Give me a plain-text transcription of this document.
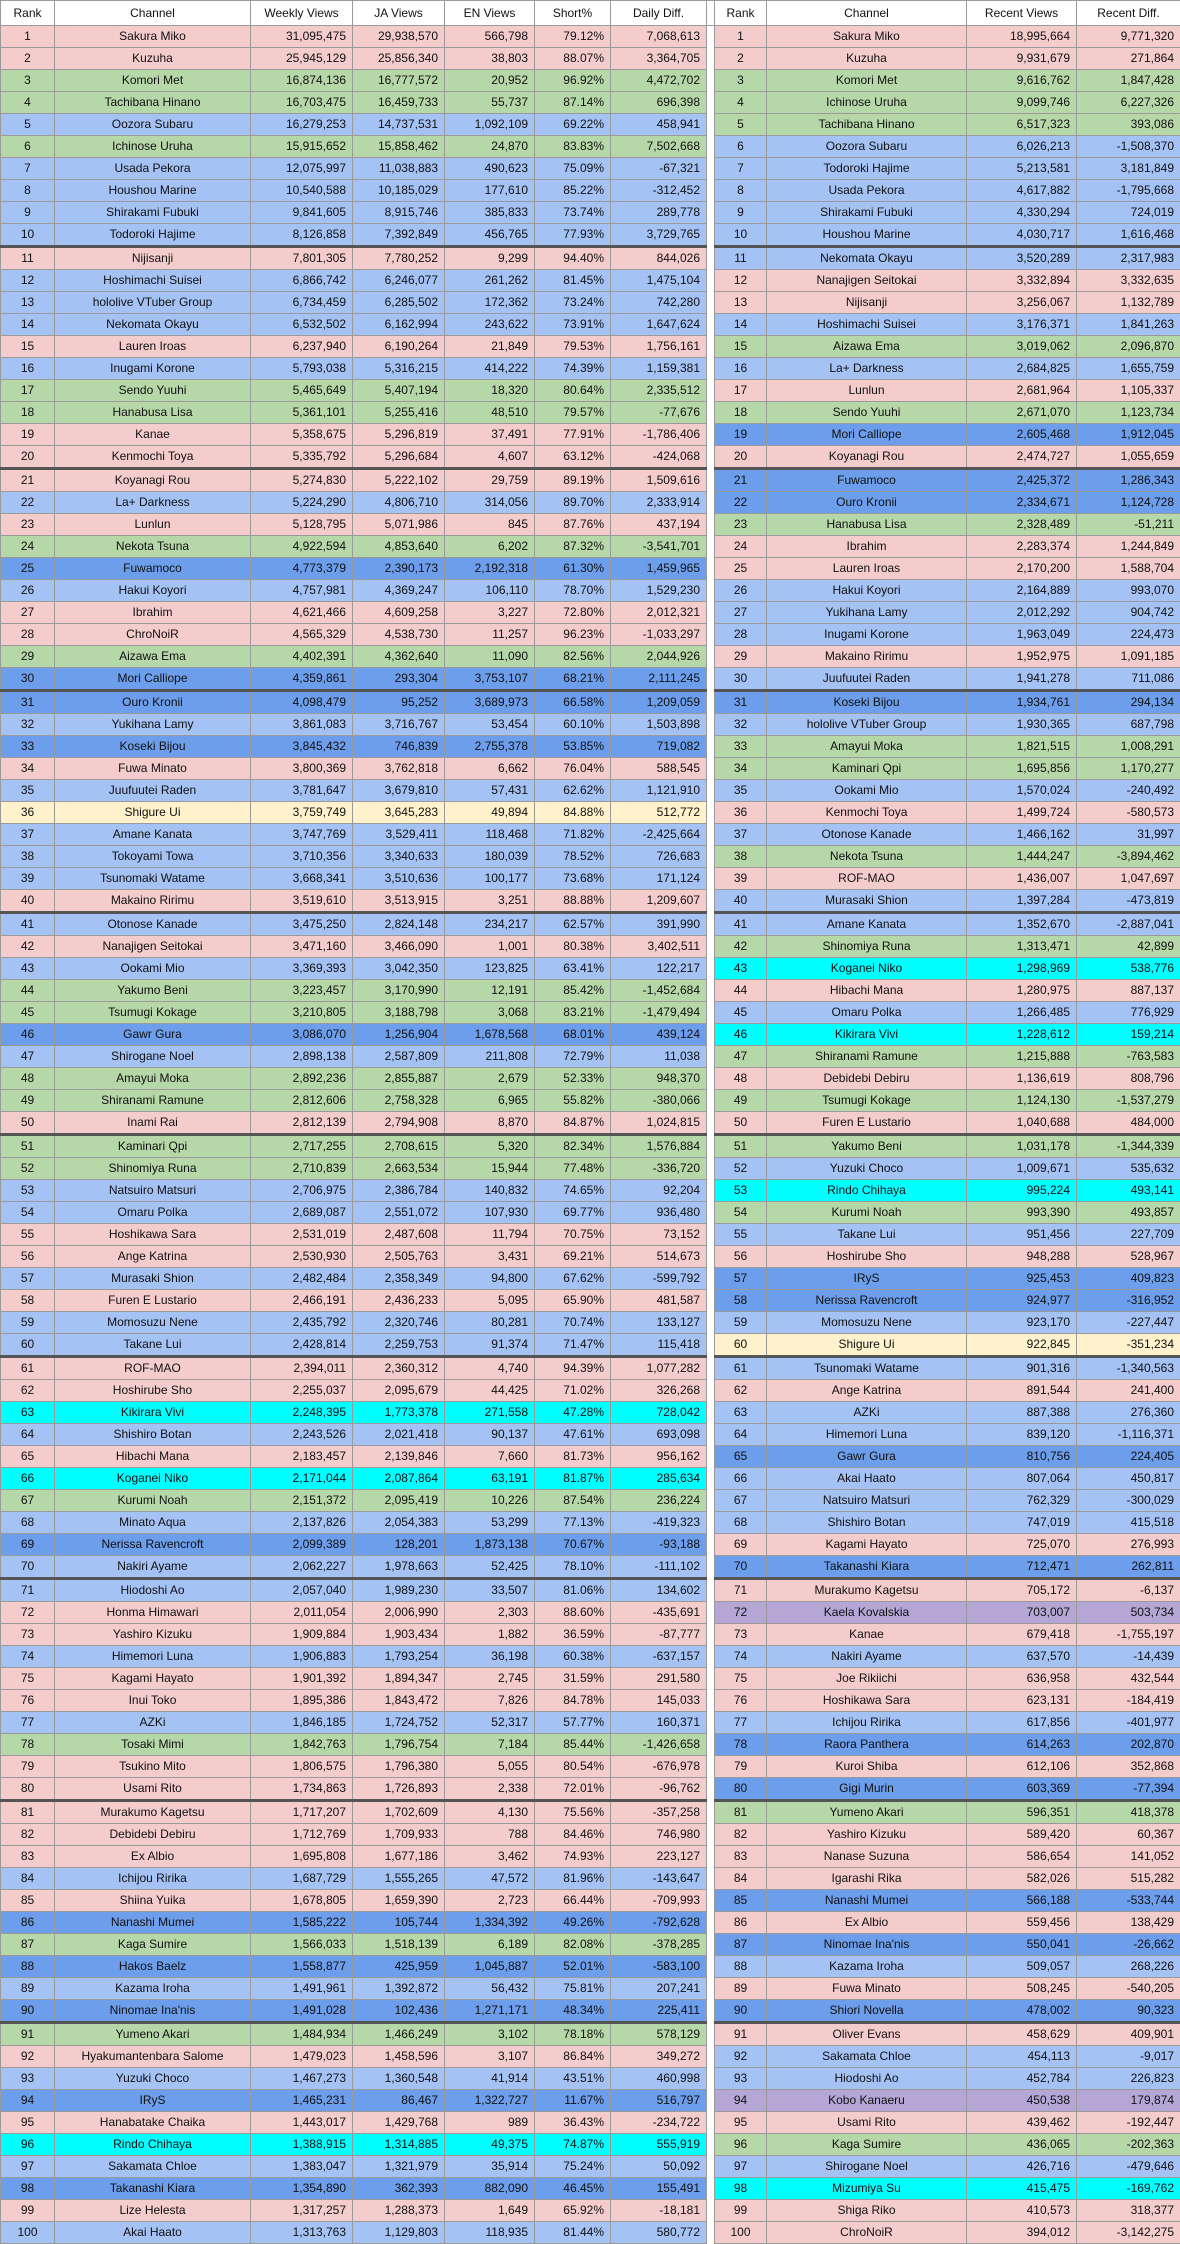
Rank	Channel	Weekly Views	JA Views	EN Views	Short%	Daily Diff.	
1	Sakura Miko	31,095,475	29,938,570	566,798	79.12%	7,068,613	
2	Kuzuha	25,945,129	25,856,340	38,803	88.07%	3,364,705	
3	Komori Met	16,874,136	16,777,572	20,952	96.92%	4,472,702	
4	Tachibana Hinano	16,703,475	16,459,733	55,737	87.14%	696,398	
5	Oozora Subaru	16,279,253	14,737,531	1,092,109	69.22%	458,941	
6	Ichinose Uruha	15,915,652	15,858,462	24,870	83.83%	7,502,668	
7	Usada Pekora	12,075,997	11,038,883	490,623	75.09%	-67,321	
8	Houshou Marine	10,540,588	10,185,029	177,610	85.22%	-312,452	
9	Shirakami Fubuki	9,841,605	8,915,746	385,833	73.74%	289,778	
10	Todoroki Hajime	8,126,858	7,392,849	456,765	77.93%	3,729,765	
11	Nijisanji	7,801,305	7,780,252	9,299	94.40%	844,026	
12	Hoshimachi Suisei	6,866,742	6,246,077	261,262	81.45%	1,475,104	
13	hololive VTuber Group	6,734,459	6,285,502	172,362	73.24%	742,280	
14	Nekomata Okayu	6,532,502	6,162,994	243,622	73.91%	1,647,624	
15	Lauren Iroas	6,237,940	6,190,264	21,849	79.53%	1,756,161	
16	Inugami Korone	5,793,038	5,316,215	414,222	74.39%	1,159,381	
17	Sendo Yuuhi	5,465,649	5,407,194	18,320	80.64%	2,335,512	
18	Hanabusa Lisa	5,361,101	5,255,416	48,510	79.57%	-77,676	
19	Kanae	5,358,675	5,296,819	37,491	77.91%	-1,786,406	
20	Kenmochi Toya	5,335,792	5,296,684	4,607	63.12%	-424,068	
21	Koyanagi Rou	5,274,830	5,222,102	29,759	89.19%	1,509,616	
22	La+ Darkness	5,224,290	4,806,710	314,056	89.70%	2,333,914	
23	Lunlun	5,128,795	5,071,986	845	87.76%	437,194	
24	Nekota Tsuna	4,922,594	4,853,640	6,202	87.32%	-3,541,701	
25	Fuwamoco	4,773,379	2,390,173	2,192,318	61.30%	1,459,965	
26	Hakui Koyori	4,757,981	4,369,247	106,110	78.70%	1,529,230	
27	Ibrahim	4,621,466	4,609,258	3,227	72.80%	2,012,321	
28	ChroNoiR	4,565,329	4,538,730	11,257	96.23%	-1,033,297	
29	Aizawa Ema	4,402,391	4,362,640	11,090	82.56%	2,044,926	
30	Mori Calliope	4,359,861	293,304	3,753,107	68.21%	2,111,245	
31	Ouro Kronii	4,098,479	95,252	3,689,973	66.58%	1,209,059	
32	Yukihana Lamy	3,861,083	3,716,767	53,454	60.10%	1,503,898	
33	Koseki Bijou	3,845,432	746,839	2,755,378	53.85%	719,082	
34	Fuwa Minato	3,800,369	3,762,818	6,662	76.04%	588,545	
35	Juufuutei Raden	3,781,647	3,679,810	57,431	62.62%	1,121,910	
36	Shigure Ui	3,759,749	3,645,283	49,894	84.88%	512,772	
37	Amane Kanata	3,747,769	3,529,411	118,468	71.82%	-2,425,664	
38	Tokoyami Towa	3,710,356	3,340,633	180,039	78.52%	726,683	
39	Tsunomaki Watame	3,668,341	3,510,636	100,177	73.68%	171,124	
40	Makaino Ririmu	3,519,610	3,513,915	3,251	88.88%	1,209,607	
41	Otonose Kanade	3,475,250	2,824,148	234,217	62.57%	391,990	
42	Nanajigen Seitokai	3,471,160	3,466,090	1,001	80.38%	3,402,511	
43	Ookami Mio	3,369,393	3,042,350	123,825	63.41%	122,217	
44	Yakumo Beni	3,223,457	3,170,990	12,191	85.42%	-1,452,684	
45	Tsumugi Kokage	3,210,805	3,188,798	3,068	83.21%	-1,479,494	
46	Gawr Gura	3,086,070	1,256,904	1,678,568	68.01%	439,124	
47	Shirogane Noel	2,898,138	2,587,809	211,808	72.79%	11,038	
48	Amayui Moka	2,892,236	2,855,887	2,679	52.33%	948,370	
49	Shiranami Ramune	2,812,606	2,758,328	6,965	55.82%	-380,066	
50	Inami Rai	2,812,139	2,794,908	8,870	84.87%	1,024,815	
51	Kaminari Qpi	2,717,255	2,708,615	5,320	82.34%	1,576,884	
52	Shinomiya Runa	2,710,839	2,663,534	15,944	77.48%	-336,720	
53	Natsuiro Matsuri	2,706,975	2,386,784	140,832	74.65%	92,204	
54	Omaru Polka	2,689,087	2,551,072	107,930	69.77%	936,480	
55	Hoshikawa Sara	2,531,019	2,487,608	11,794	70.75%	73,152	
56	Ange Katrina	2,530,930	2,505,763	3,431	69.21%	514,673	
57	Murasaki Shion	2,482,484	2,358,349	94,800	67.62%	-599,792	
58	Furen E Lustario	2,466,191	2,436,233	5,095	65.90%	481,587	
59	Momosuzu Nene	2,435,792	2,320,746	80,281	70.74%	133,127	
60	Takane Lui	2,428,814	2,259,753	91,374	71.47%	115,418	
61	ROF-MAO	2,394,011	2,360,312	4,740	94.39%	1,077,282	
62	Hoshirube Sho	2,255,037	2,095,679	44,425	71.02%	326,268	
63	Kikirara Vivi	2,248,395	1,773,378	271,558	47.28%	728,042	
64	Shishiro Botan	2,243,526	2,021,418	90,137	47.61%	693,098	
65	Hibachi Mana	2,183,457	2,139,846	7,660	81.73%	956,162	
66	Koganei Niko	2,171,044	2,087,864	63,191	81.87%	285,634	
67	Kurumi Noah	2,151,372	2,095,419	10,226	87.54%	236,224	
68	Minato Aqua	2,137,826	2,054,383	53,299	77.13%	-419,323	
69	Nerissa Ravencroft	2,099,389	128,201	1,873,138	70.67%	-93,188	
70	Nakiri Ayame	2,062,227	1,978,663	52,425	78.10%	-111,102	
71	Hiodoshi Ao	2,057,040	1,989,230	33,507	81.06%	134,602	
72	Honma Himawari	2,011,054	2,006,990	2,303	88.60%	-435,691	
73	Yashiro Kizuku	1,909,884	1,903,434	1,882	36.59%	-87,777	
74	Himemori Luna	1,906,883	1,793,254	36,198	60.38%	-637,157	
75	Kagami Hayato	1,901,392	1,894,347	2,745	31.59%	291,580	
76	Inui Toko	1,895,386	1,843,472	7,826	84.78%	145,033	
77	AZKi	1,846,185	1,724,752	52,317	57.77%	160,371	
78	Tosaki Mimi	1,842,763	1,796,754	7,184	85.44%	-1,426,658	
79	Tsukino Mito	1,806,575	1,796,380	5,055	80.54%	-676,978	
80	Usami Rito	1,734,863	1,726,893	2,338	72.01%	-96,762	
81	Murakumo Kagetsu	1,717,207	1,702,609	4,130	75.56%	-357,258	
82	Debidebi Debiru	1,712,769	1,709,933	788	84.46%	746,980	
83	Ex Albio	1,695,808	1,677,186	3,462	74.93%	223,127	
84	Ichijou Ririka	1,687,729	1,555,265	47,572	81.96%	-143,647	
85	Shiina Yuika	1,678,805	1,659,390	2,723	66.44%	-709,993	
86	Nanashi Mumei	1,585,222	105,744	1,334,392	49.26%	-792,628	
87	Kaga Sumire	1,566,033	1,518,139	6,189	82.08%	-378,285	
88	Hakos Baelz	1,558,877	425,959	1,045,887	52.01%	-583,100	
89	Kazama Iroha	1,491,961	1,392,872	56,432	75.81%	207,241	
90	Ninomae Ina'nis	1,491,028	102,436	1,271,171	48.34%	225,411	
91	Yumeno Akari	1,484,934	1,466,249	3,102	78.18%	578,129	
92	Hyakumantenbara Salome	1,479,023	1,458,596	3,107	86.84%	349,272	
93	Yuzuki Choco	1,467,273	1,360,548	41,914	43.51%	460,998	
94	IRyS	1,465,231	86,467	1,322,727	11.67%	516,797	
95	Hanabatake Chaika	1,443,017	1,429,768	989	36.43%	-234,722	
96	Rindo Chihaya	1,388,915	1,314,885	49,375	74.87%	555,919	
97	Sakamata Chloe	1,383,047	1,321,979	35,914	75.24%	50,092	
98	Takanashi Kiara	1,354,890	362,393	882,090	46.45%	155,491	
99	Lize Helesta	1,317,257	1,288,373	1,649	65.92%	-18,181	
100	Akai Haato	1,313,763	1,129,803	118,935	81.44%	580,772	
Rank	Channel	Recent Views	Recent Diff.
1	Sakura Miko	18,995,664	9,771,320
2	Kuzuha	9,931,679	271,864
3	Komori Met	9,616,762	1,847,428
4	Ichinose Uruha	9,099,746	6,227,326
5	Tachibana Hinano	6,517,323	393,086
6	Oozora Subaru	6,026,213	-1,508,370
7	Todoroki Hajime	5,213,581	3,181,849
8	Usada Pekora	4,617,882	-1,795,668
9	Shirakami Fubuki	4,330,294	724,019
10	Houshou Marine	4,030,717	1,616,468
11	Nekomata Okayu	3,520,289	2,317,983
12	Nanajigen Seitokai	3,332,894	3,332,635
13	Nijisanji	3,256,067	1,132,789
14	Hoshimachi Suisei	3,176,371	1,841,263
15	Aizawa Ema	3,019,062	2,096,870
16	La+ Darkness	2,684,825	1,655,759
17	Lunlun	2,681,964	1,105,337
18	Sendo Yuuhi	2,671,070	1,123,734
19	Mori Calliope	2,605,468	1,912,045
20	Koyanagi Rou	2,474,727	1,055,659
21	Fuwamoco	2,425,372	1,286,343
22	Ouro Kronii	2,334,671	1,124,728
23	Hanabusa Lisa	2,328,489	-51,211
24	Ibrahim	2,283,374	1,244,849
25	Lauren Iroas	2,170,200	1,588,704
26	Hakui Koyori	2,164,889	993,070
27	Yukihana Lamy	2,012,292	904,742
28	Inugami Korone	1,963,049	224,473
29	Makaino Ririmu	1,952,975	1,091,185
30	Juufuutei Raden	1,941,278	711,086
31	Koseki Bijou	1,934,761	294,134
32	hololive VTuber Group	1,930,365	687,798
33	Amayui Moka	1,821,515	1,008,291
34	Kaminari Qpi	1,695,856	1,170,277
35	Ookami Mio	1,570,024	-240,492
36	Kenmochi Toya	1,499,724	-580,573
37	Otonose Kanade	1,466,162	31,997
38	Nekota Tsuna	1,444,247	-3,894,462
39	ROF-MAO	1,436,007	1,047,697
40	Murasaki Shion	1,397,284	-473,819
41	Amane Kanata	1,352,670	-2,887,041
42	Shinomiya Runa	1,313,471	42,899
43	Koganei Niko	1,298,969	538,776
44	Hibachi Mana	1,280,975	887,137
45	Omaru Polka	1,266,485	776,929
46	Kikirara Vivi	1,228,612	159,214
47	Shiranami Ramune	1,215,888	-763,583
48	Debidebi Debiru	1,136,619	808,796
49	Tsumugi Kokage	1,124,130	-1,537,279
50	Furen E Lustario	1,040,688	484,000
51	Yakumo Beni	1,031,178	-1,344,339
52	Yuzuki Choco	1,009,671	535,632
53	Rindo Chihaya	995,224	493,141
54	Kurumi Noah	993,390	493,857
55	Takane Lui	951,456	227,709
56	Hoshirube Sho	948,288	528,967
57	IRyS	925,453	409,823
58	Nerissa Ravencroft	924,977	-316,952
59	Momosuzu Nene	923,170	-227,447
60	Shigure Ui	922,845	-351,234
61	Tsunomaki Watame	901,316	-1,340,563
62	Ange Katrina	891,544	241,400
63	AZKi	887,388	276,360
64	Himemori Luna	839,120	-1,116,371
65	Gawr Gura	810,756	224,405
66	Akai Haato	807,064	450,817
67	Natsuiro Matsuri	762,329	-300,029
68	Shishiro Botan	747,019	415,518
69	Kagami Hayato	725,070	276,993
70	Takanashi Kiara	712,471	262,811
71	Murakumo Kagetsu	705,172	-6,137
72	Kaela Kovalskia	703,007	503,734
73	Kanae	679,418	-1,755,197
74	Nakiri Ayame	637,570	-14,439
75	Joe Rikiichi	636,958	432,544
76	Hoshikawa Sara	623,131	-184,419
77	Ichijou Ririka	617,856	-401,977
78	Raora Panthera	614,263	202,870
79	Kuroi Shiba	612,106	352,868
80	Gigi Murin	603,369	-77,394
81	Yumeno Akari	596,351	418,378
82	Yashiro Kizuku	589,420	60,367
83	Nanase Suzuna	586,654	141,052
84	Igarashi Rika	582,026	515,282
85	Nanashi Mumei	566,188	-533,744
86	Ex Albio	559,456	138,429
87	Ninomae Ina'nis	550,041	-26,662
88	Kazama Iroha	509,057	268,226
89	Fuwa Minato	508,245	-540,205
90	Shiori Novella	478,002	90,323
91	Oliver Evans	458,629	409,901
92	Sakamata Chloe	454,113	-9,017
93	Hiodoshi Ao	452,784	226,823
94	Kobo Kanaeru	450,538	179,874
95	Usami Rito	439,462	-192,447
96	Kaga Sumire	436,065	-202,363
97	Shirogane Noel	426,716	-479,646
98	Mizumiya Su	415,475	-169,762
99	Shiga Riko	410,573	318,377
100	ChroNoiR	394,012	-3,142,275
